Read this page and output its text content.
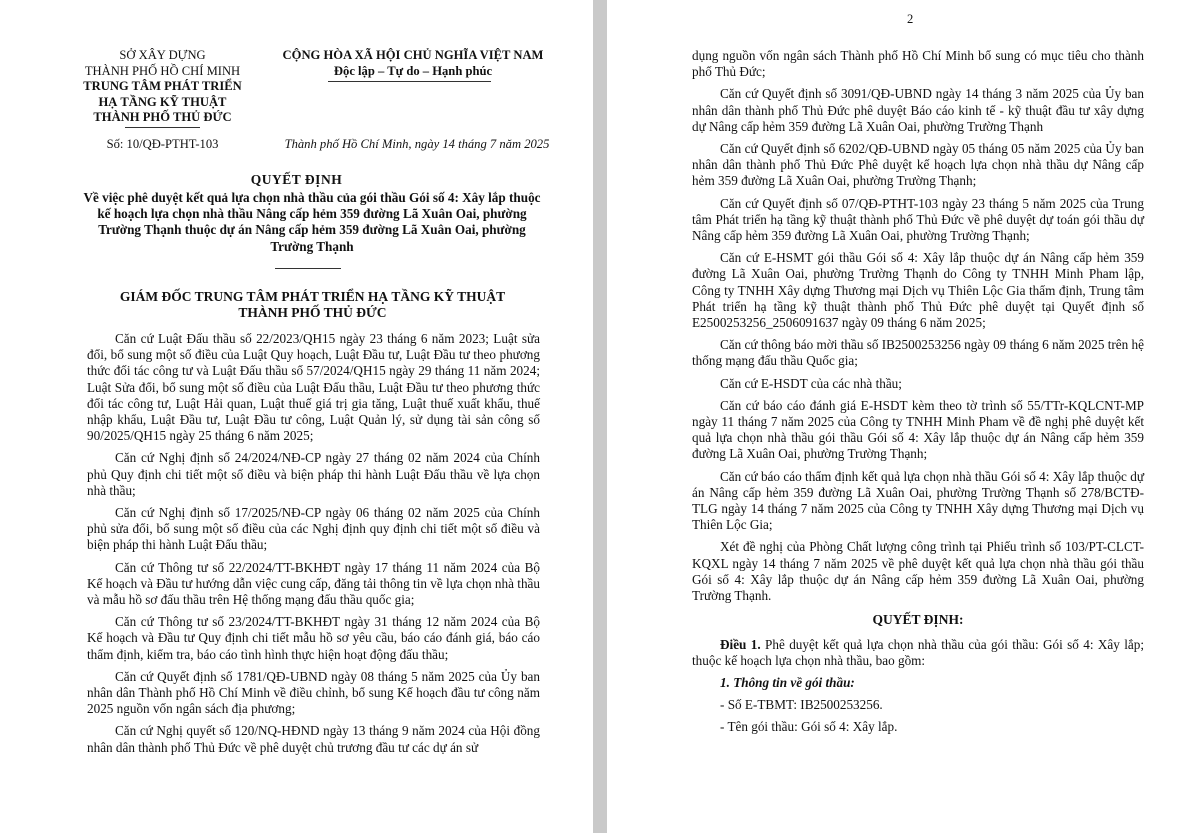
SỞ XÂY DỰNG
THÀNH PHỐ HỒ CHÍ MINH
TRUNG TÂM PHÁT TRIỂN
HẠ TẦNG KỸ THUẬT
THÀNH PHỐ THỦ ĐỨC
CỘNG HÒA XÃ HỘI CHỦ NGHĨA VIỆT NAM
Độc lập – Tự do – Hạnh phúc
Số: 10/QĐ-PTHT-103	Thành phố Hồ Chí Minh, ngày 14 tháng 7 năm 2025
QUYẾT ĐỊNH
Về việc phê duyệt kết quả lựa chọn nhà thầu của gói thầu Gói số 4: Xây lắp thuộc kế hoạch lựa chọn nhà thầu Nâng cấp hẻm 359 đường Lã Xuân Oai, phường Trường Thạnh thuộc dự án Nâng cấp hẻm 359 đường Lã Xuân Oai, phường Trường Thạnh
GIÁM ĐỐC TRUNG TÂM PHÁT TRIỂN HẠ TẦNG KỸ THUẬT THÀNH PHỐ THỦ ĐỨC

Căn cứ Luật Đấu thầu số 22/2023/QH15 ngày 23 tháng 6 năm 2023; Luật sửa đổi, bổ sung một số điều của Luật Quy hoạch, Luật Đầu tư, Luật Đầu tư theo phương thức đối tác công tư và Luật Đấu thầu số 57/2024/QH15 ngày 29 tháng 11 năm 2024; Luật Sửa đổi, bổ sung một số điều của Luật Đấu thầu, Luật Đầu tư theo phương thức đối tác công tư, Luật Hải quan, Luật thuế giá trị gia tăng, Luật thuế xuất khẩu, thuế nhập khẩu, Luật Đầu tư, Luật Đầu tư công, Luật Quản lý, sử dụng tài sản công số 90/2025/QH15 ngày 25 tháng 6 năm 2025;

Căn cứ Nghị định số 24/2024/NĐ-CP ngày 27 tháng 02 năm 2024 của Chính phủ Quy định chi tiết một số điều và biện pháp thi hành Luật Đấu thầu về lựa chọn nhà thầu;

Căn cứ Nghị định số 17/2025/NĐ-CP ngày 06 tháng 02 năm 2025 của Chính phủ sửa đổi, bổ sung một số điều của các Nghị định quy định chi tiết một số điều và biện pháp thi hành Luật Đấu thầu;

Căn cứ Thông tư số 22/2024/TT-BKHĐT ngày 17 tháng 11 năm 2024 của Bộ Kế hoạch và Đầu tư hướng dẫn việc cung cấp, đăng tải thông tin về lựa chọn nhà thầu và mẫu hồ sơ đấu thầu trên Hệ thống mạng đấu thầu quốc gia;

Căn cứ Thông tư số 23/2024/TT-BKHĐT ngày 31 tháng 12 năm 2024 của Bộ Kế hoạch và Đầu tư Quy định chi tiết mẫu hồ sơ yêu cầu, báo cáo đánh giá, báo cáo thẩm định, kiểm tra, báo cáo tình hình thực hiện hoạt động đấu thầu;

Căn cứ Quyết định số 1781/QĐ-UBND ngày 08 tháng 5 năm 2025 của Ủy ban nhân dân Thành phố Hồ Chí Minh về điều chỉnh, bổ sung Kế hoạch đầu tư công năm 2025 nguồn vốn ngân sách địa phương;

Căn cứ Nghị quyết số 120/NQ-HĐND ngày 13 tháng 9 năm 2024 của Hội đồng nhân dân thành phố Thủ Đức về phê duyệt chủ trương đầu tư các dự án sử

2

dụng nguồn vốn ngân sách Thành phố Hồ Chí Minh bổ sung có mục tiêu cho thành phố Thủ Đức;

Căn cứ Quyết định số 3091/QĐ-UBND ngày 14 tháng 3 năm 2025 của Ủy ban nhân dân thành phố Thủ Đức phê duyệt Báo cáo kinh tế - kỹ thuật đầu tư xây dựng dự Nâng cấp hẻm 359 đường Lã Xuân Oai, phường Trường Thạnh

Căn cứ Quyết định số 6202/QĐ-UBND ngày 05 tháng 05 năm 2025 của Ủy ban nhân dân thành phố Thủ Đức Phê duyệt kế hoạch lựa chọn nhà thầu dự Nâng cấp hẻm 359 đường Lã Xuân Oai, phường Trường Thạnh;

Căn cứ Quyết định số 07/QĐ-PTHT-103 ngày 23 tháng 5 năm 2025 của Trung tâm Phát triển hạ tầng kỹ thuật thành phố Thủ Đức về phê duyệt dự toán gói thầu dự Nâng cấp hẻm 359 đường Lã Xuân Oai, phường Trường Thạnh;

Căn cứ E-HSMT gói thầu Gói số 4: Xây lắp thuộc dự án Nâng cấp hẻm 359 đường Lã Xuân Oai, phường Trường Thạnh do Công ty TNHH Minh Pham lập, Công ty TNHH Xây dựng Thương mại Dịch vụ Thiên Lộc Gia thẩm định, Trung tâm Phát triển hạ tầng kỹ thuật thành phố Thủ Đức phê duyệt tại Quyết định số E2500253256_2506091637 ngày 09 tháng 6 năm 2025;

Căn cứ thông báo mời thầu số IB2500253256 ngày 09 tháng 6 năm 2025 trên hệ thống mạng đấu thầu Quốc gia;

Căn cứ E-HSDT của các nhà thầu;

Căn cứ báo cáo đánh giá E-HSDT kèm theo tờ trình số 55/TTr-KQLCNT-MP ngày 11 tháng 7 năm 2025 của Công ty TNHH Minh Pham về đề nghị phê duyệt kết quả lựa chọn nhà thầu gói thầu Gói số 4: Xây lắp thuộc dự án Nâng cấp hẻm 359 đường Lã Xuân Oai, phường Trường Thạnh;

Căn cứ báo cáo thẩm định kết quả lựa chọn nhà thầu Gói số 4: Xây lắp thuộc dự án Nâng cấp hẻm 359 đường Lã Xuân Oai, phường Trường Thạnh số 278/BCTĐ-TLG ngày 14 tháng 7 năm 2025 của Công ty TNHH Xây dựng Thương mại Dịch vụ Thiên Lộc Gia;

Xét đề nghị của Phòng Chất lượng công trình tại Phiếu trình số 103/PT-CLCT-KQXL ngày 14 tháng 7 năm 2025 về phê duyệt kết quả lựa chọn nhà thầu gói thầu Gói số 4: Xây lắp thuộc dự án Nâng cấp hẻm 359 đường Lã Xuân Oai, phường Trường Thạnh.

QUYẾT ĐỊNH:

Điều 1. Phê duyệt kết quả lựa chọn nhà thầu của gói thầu: Gói số 4: Xây lắp; thuộc kế hoạch lựa chọn nhà thầu, bao gồm:

1. Thông tin về gói thầu:

- Số E-TBMT: IB2500253256.

- Tên gói thầu: Gói số 4: Xây lắp.
